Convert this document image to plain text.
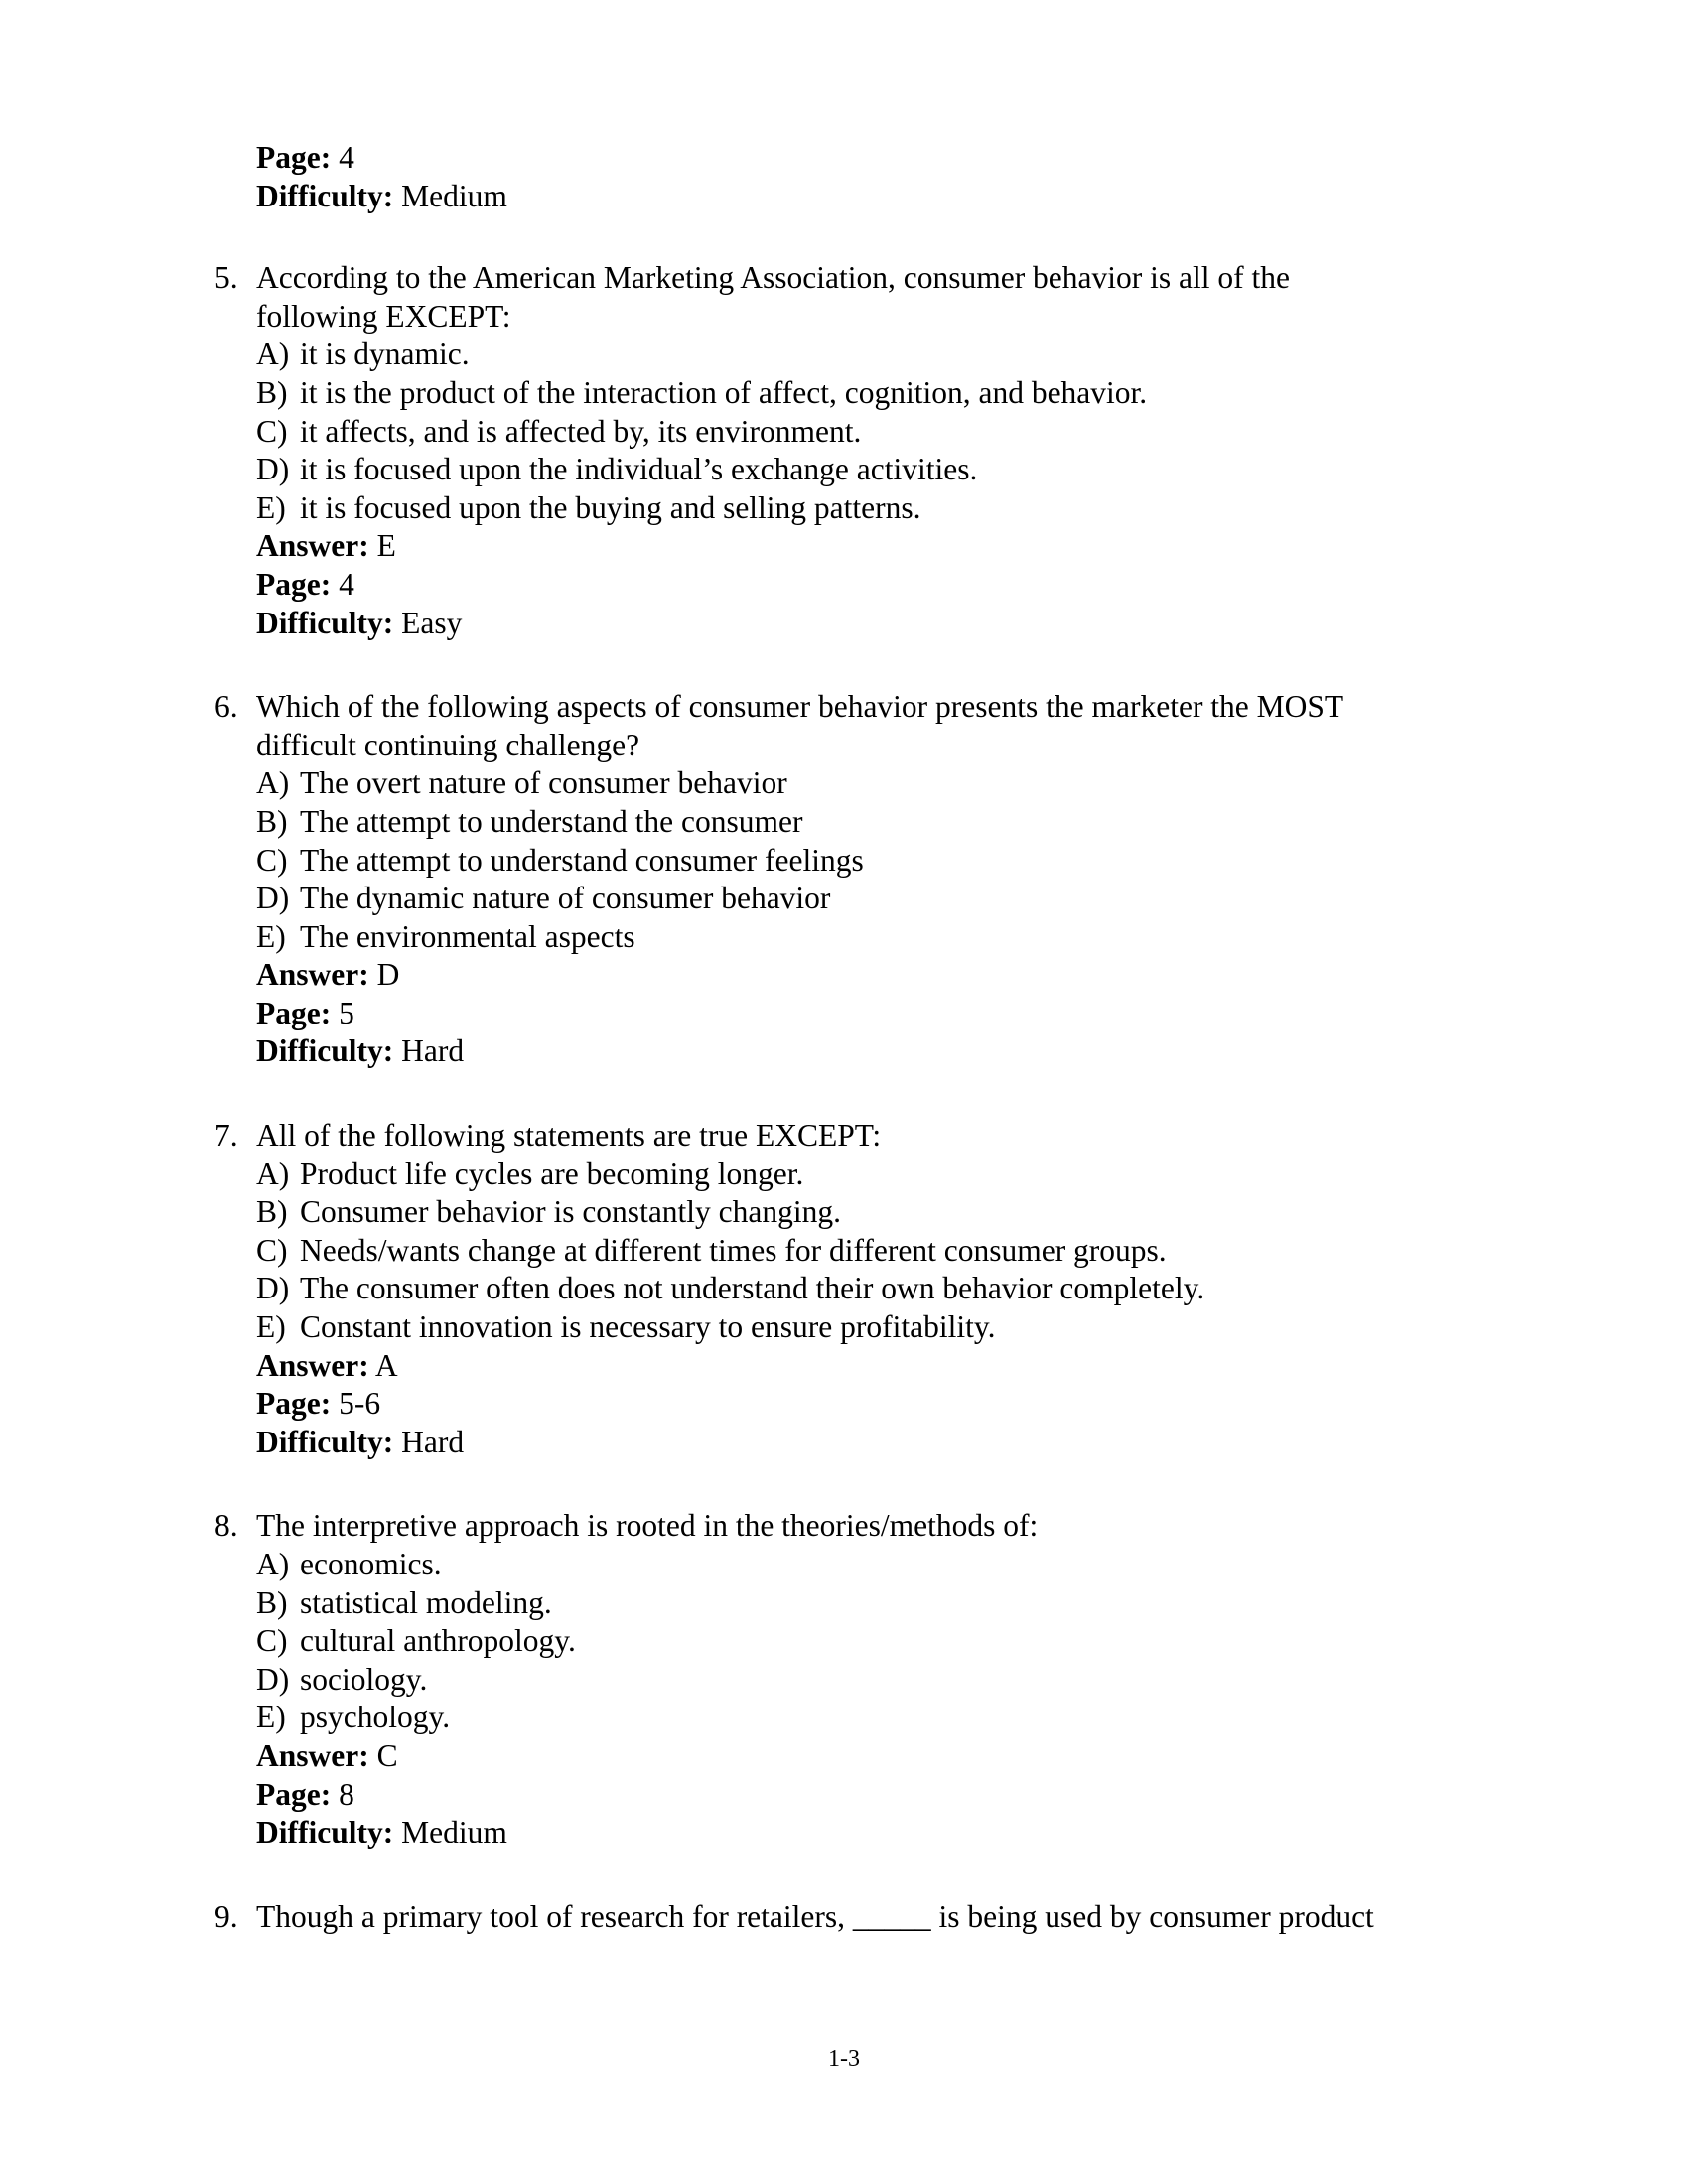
Page: 4
Difficulty: Medium
5. According to the American Marketing Association, consumer behavior is all of the following EXCEPT:
A) it is dynamic.
B) it is the product of the interaction of affect, cognition, and behavior.
C) it affects, and is affected by, its environment.
D) it is focused upon the individual’s exchange activities.
E) it is focused upon the buying and selling patterns.
Answer: E
Page: 4
Difficulty: Easy
6. Which of the following aspects of consumer behavior presents the marketer the MOST difficult continuing challenge?
A) The overt nature of consumer behavior
B) The attempt to understand the consumer
C) The attempt to understand consumer feelings
D) The dynamic nature of consumer behavior
E) The environmental aspects
Answer: D
Page: 5
Difficulty: Hard
7. All of the following statements are true EXCEPT:
A) Product life cycles are becoming longer.
B) Consumer behavior is constantly changing.
C) Needs/wants change at different times for different consumer groups.
D) The consumer often does not understand their own behavior completely.
E) Constant innovation is necessary to ensure profitability.
Answer: A
Page: 5-6
Difficulty: Hard
8. The interpretive approach is rooted in the theories/methods of:
A) economics.
B) statistical modeling.
C) cultural anthropology.
D) sociology.
E) psychology.
Answer: C
Page: 8
Difficulty: Medium
9. Though a primary tool of research for retailers, _____ is being used by consumer product
1-3
